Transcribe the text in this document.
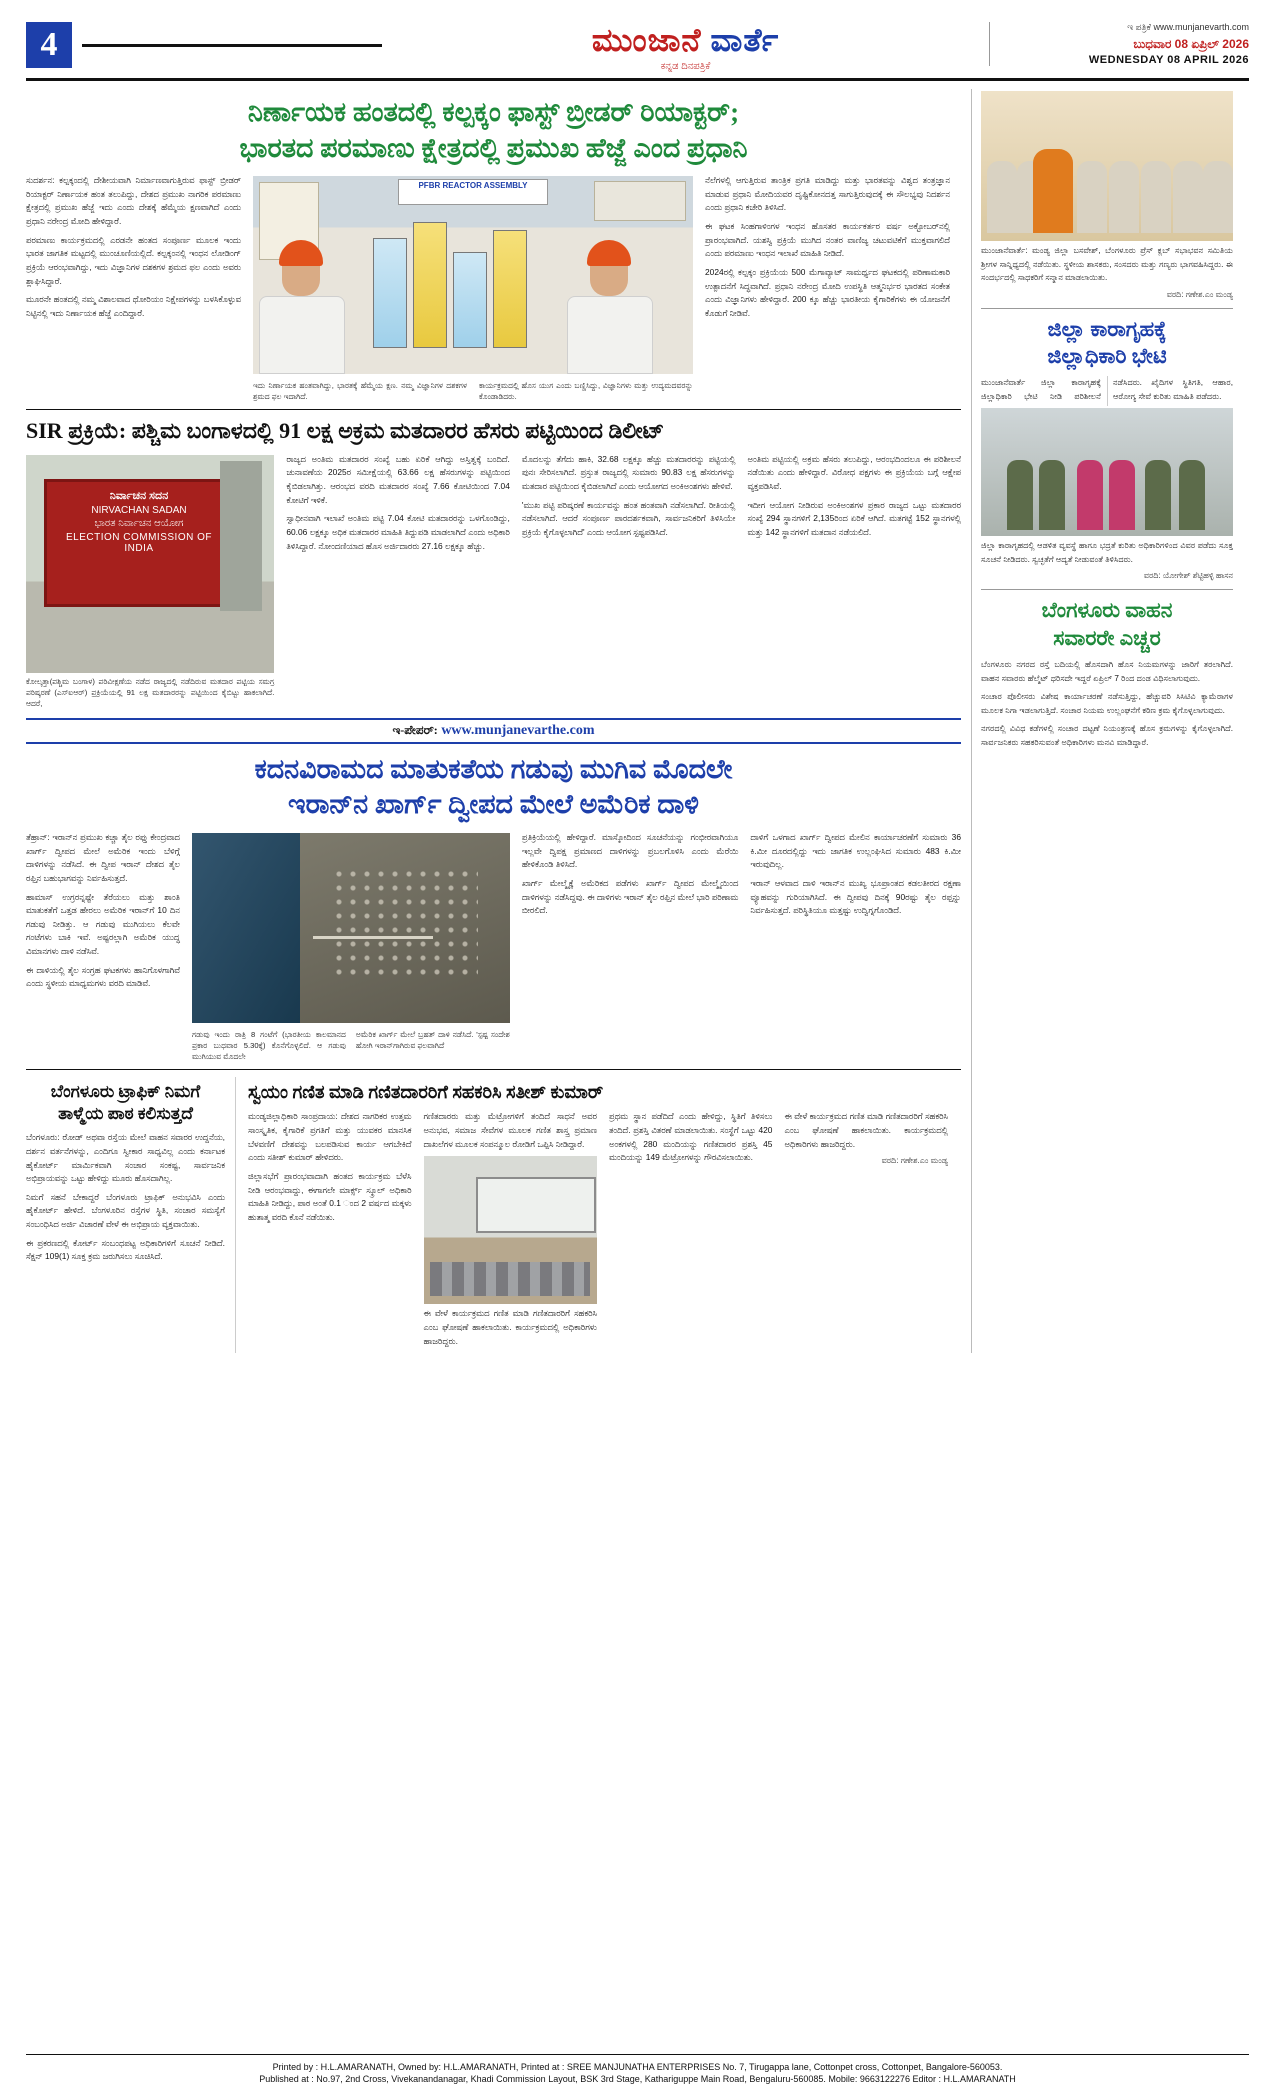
4	ಮುಂಜಾನೆ ವಾರ್ತೆ
ಕನ್ನಡ ದಿನಪತ್ರಿಕೆ
ಇ ಪತ್ರಿಕೆ www.munjanevarth.com
ಬುಧವಾರ 08 ಏಪ್ರಿಲ್ 2026
WEDNESDAY 08 APRIL 2026
ನಿರ್ಣಾಯಕ ಹಂತದಲ್ಲಿ ಕಲ್ಪಕ್ಕಂ ಫಾಸ್ಟ್ ಬ್ರೀಡರ್ ರಿಯಾಕ್ಟರ್;
ಭಾರತದ ಪರಮಾಣು ಕ್ಷೇತ್ರದಲ್ಲಿ ಪ್ರಮುಖ ಹೆಜ್ಜೆ ಎಂದ ಪ್ರಧಾನಿ

ಸುದರ್ಶನ: ಕಲ್ಪಕ್ಕಂದಲ್ಲಿ ದೇಶೀಯವಾಗಿ ನಿರ್ಮಾಣವಾಗುತ್ತಿರುವ ಫಾಸ್ಟ್ ಬ್ರೀಡರ್ ರಿಯಾಕ್ಟರ್ ನಿರ್ಣಾಯಕ ಹಂತ ತಲುಪಿದ್ದು, ದೇಶದ ಪ್ರಮುಖ ನಾಗರಿಕ ಪರಮಾಣು ಕ್ಷೇತ್ರದಲ್ಲಿ ಪ್ರಮುಖ ಹೆಜ್ಜೆ ಇದು ಎಂದು ದೇಶಕ್ಕೆ ಹೆಮ್ಮೆಯ ಕ್ಷಣವಾಗಿದೆ ಎಂದು ಪ್ರಧಾನಿ ನರೇಂದ್ರ ಮೋದಿ ಹೇಳಿದ್ದಾರೆ.

ಪರಮಾಣು ಕಾರ್ಯಕ್ರಮದಲ್ಲಿ ಎರಡನೇ ಹಂತದ ಸಂಪೂರ್ಣ ಮೂಲಕ ಇಂದು ಭಾರತ ಜಾಗತಿಕ ಮಟ್ಟದಲ್ಲಿ ಮುಂಚೂಣಿಯಲ್ಲಿದೆ. ಕಲ್ಪಕ್ಕಂನಲ್ಲಿ ಇಂಧನ ಲೋಡಿಂಗ್ ಪ್ರಕ್ರಿಯೆ ಆರಂಭವಾಗಿದ್ದು, ಇದು ವಿಜ್ಞಾನಿಗಳ ದಶಕಗಳ ಶ್ರಮದ ಫಲ ಎಂದು ಅವರು ಶ್ಲಾಘಿಸಿದ್ದಾರೆ.

ಮೂರನೇ ಹಂತದಲ್ಲಿ ನಮ್ಮ ವಿಶಾಲವಾದ ಥೋರಿಯಂ ನಿಕ್ಷೇಪಗಳನ್ನು ಬಳಸಿಕೊಳ್ಳುವ ನಿಟ್ಟಿನಲ್ಲಿ ಇದು ನಿರ್ಣಾಯಕ ಹೆಜ್ಜೆ ಎಂದಿದ್ದಾರೆ.

PFBR REACTOR ASSEMBLY

ಇದು ನಿರ್ಣಾಯಕ ಹಂತವಾಗಿದ್ದು, ಭಾರತಕ್ಕೆ ಹೆಮ್ಮೆಯ ಕ್ಷಣ. ನಮ್ಮ ವಿಜ್ಞಾನಿಗಳ ದಶಕಗಳ ಶ್ರಮದ ಫಲ ಇದಾಗಿದೆ.

ಕಾರ್ಯಕ್ರಮದಲ್ಲಿ ಹೊಸ ಯುಗ ಎಂದು ಬಣ್ಣಿಸಿದ್ದು, ವಿಜ್ಞಾನಿಗಳು ಮತ್ತು ಉದ್ಯಮದವರನ್ನು ಕೊಂಡಾಡಿದರು.

ನೆಲೆಗಳಲ್ಲಿ ಆಗುತ್ತಿರುವ ತಾಂತ್ರಿಕ ಪ್ರಗತಿ ಮಾಡಿದ್ದು ಮತ್ತು ಭಾರತವನ್ನು ವಿಶ್ವದ ತಂತ್ರಜ್ಞಾನ ಮಾಡುವ ಪ್ರಧಾನಿ ಮೋದಿಯವರ ದೃಷ್ಟಿಕೋನದತ್ತ ಸಾಗುತ್ತಿರುವುದಕ್ಕೆ ಈ ಸೌಲಭ್ಯವು ನಿದರ್ಶನ ಎಂದು ಪ್ರಧಾನಿ ಕಚೇರಿ ತಿಳಿಸಿದೆ.

ಈ ಘಟಕ ಸಿಂಹಗಾಳಿಂಗಳ ಇಂಧನ ಹೊಸತರ ಕಾರ್ಯಕರ್ತರ ವರ್ಷ ಅಕ್ಟೋಬರ್‌ನಲ್ಲಿ ಪ್ರಾರಂಭವಾಗಿದೆ. ಯಶಸ್ವಿ ಪ್ರಕ್ರಿಯೆ ಮುಗಿದ ನಂತರ ವಾಣಿಜ್ಯ ಚಟುವಟಿಕೆಗೆ ಮುಕ್ತವಾಗಲಿದೆ ಎಂದು ಪರಮಾಣು ಇಂಧನ ಇಲಾಖೆ ಮಾಹಿತಿ ನೀಡಿದೆ.

2024ರಲ್ಲಿ ಕಲ್ಪಕ್ಕಂ ಪ್ರಕ್ರಿಯೆಯ 500 ಮೆಗಾವ್ಯಾಟ್ ಸಾಮರ್ಥ್ಯದ ಘಟಕದಲ್ಲಿ ಪರಿಣಾಮಕಾರಿ ಉತ್ಪಾದನೆಗೆ ಸಿದ್ಧವಾಗಿದೆ. ಪ್ರಧಾನಿ ನರೇಂದ್ರ ಮೋದಿ ಉಪಸ್ಥಿತಿ ಆತ್ಮನಿರ್ಭರ ಭಾರತದ ಸಂಕೇತ ಎಂದು ವಿಜ್ಞಾನಿಗಳು ಹೇಳಿದ್ದಾರೆ. 200 ಕ್ಕೂ ಹೆಚ್ಚು ಭಾರತೀಯ ಕೈಗಾರಿಕೆಗಳು ಈ ಯೋಜನೆಗೆ ಕೊಡುಗೆ ನೀಡಿವೆ.

SIR ಪ್ರಕ್ರಿಯೆ: ಪಶ್ಚಿಮ ಬಂಗಾಳದಲ್ಲಿ 91 ಲಕ್ಷ ಅಕ್ರಮ ಮತದಾರರ ಹೆಸರು ಪಟ್ಟಿಯಿಂದ ಡಿಲೀಟ್
ನಿರ್ವಾಚನ ಸದನ
NIRVACHAN SADAN
ಭಾರತ ನಿರ್ವಾಚನ ಆಯೋಗ
ELECTION COMMISSION OF INDIA

ಕೋಲ್ಕತ್ತಾ(ಪಶ್ಚಿಮ ಬಂಗಾಳ) ಪರಿವೀಕ್ಷಣೆಯ ನಡೆದ ರಾಜ್ಯದಲ್ಲಿ ನಡೆದಿರುವ ಮತದಾರ ಪಟ್ಟಿಯ ಸಮಗ್ರ ಪರಿಷ್ಕರಣೆ (ಎಸ್‌ಐಆರ್) ಪ್ರಕ್ರಿಯೆಯಲ್ಲಿ 91 ಲಕ್ಷ ಮತದಾರರನ್ನು ಪಟ್ಟಿಯಿಂದ ಕೈಬಿಟ್ಟು ಹಾಕಲಾಗಿದೆ. ಆದರೆ,

ರಾಜ್ಯದ ಅಂತಿಮ ಮತದಾರರ ಸಂಖ್ಯೆ ಬಹು ಏರಿಕೆ ಆಗಿದ್ದು ಅಸ್ತಿತ್ವಕ್ಕೆ ಬಂದಿದೆ. ಚುನಾವಣೆಯ 2025ರ ಸಮೀಕ್ಷೆಯಲ್ಲಿ 63.66 ಲಕ್ಷ ಹೆಸರುಗಳನ್ನು ಪಟ್ಟಿಯಿಂದ ಕೈಬಿಡಲಾಗಿತ್ತು. ಆರಂಭದ ವರದಿ ಮತದಾರರ ಸಂಖ್ಯೆ 7.66 ಕೋಟಿಯಿಂದ 7.04 ಕೋಟಿಗೆ ಇಳಿಕೆ.

ಸ್ವಾಧೀನವಾಗಿ ಇಲಾಖೆ ಅಂತಿಮ ಪಟ್ಟಿ 7.04 ಕೋಟಿ ಮತದಾರರನ್ನು ಒಳಗೊಂಡಿದ್ದು, 60.06 ಲಕ್ಷಕ್ಕೂ ಅಧಿಕ ಮತದಾರರ ಮಾಹಿತಿ ತಿದ್ದುಪಡಿ ಮಾಡಲಾಗಿದೆ ಎಂದು ಅಧಿಕಾರಿ ತಿಳಿಸಿದ್ದಾರೆ. ನೋಂದಣಿಯಾದ ಹೊಸ ಅರ್ಜಿದಾರರು 27.16 ಲಕ್ಷಕ್ಕೂ ಹೆಚ್ಚು.

ಮೊದಲನ್ನು ತೆಗೆದು ಹಾಕಿ, 32.68 ಲಕ್ಷಕ್ಕೂ ಹೆಚ್ಚು ಮತದಾರರನ್ನು ಪಟ್ಟಿಯಲ್ಲಿ ಪುನಃ ಸೇರಿಸಲಾಗಿದೆ. ಪ್ರಸ್ತುತ ರಾಜ್ಯದಲ್ಲಿ ಸುಮಾರು 90.83 ಲಕ್ಷ ಹೆಸರುಗಳನ್ನು ಮತದಾರ ಪಟ್ಟಿಯಿಂದ ಕೈಬಿಡಲಾಗಿದೆ ಎಂದು ಆಯೋಗದ ಅಂಕಿಅಂಶಗಳು ಹೇಳಿವೆ.

'ಮುಖ ಪಟ್ಟಿ ಪರಿಷ್ಕರಣೆ ಕಾರ್ಯವನ್ನು ಹಂತ ಹಂತವಾಗಿ ನಡೆಸಲಾಗಿದೆ. ರೀತಿಯಲ್ಲಿ ನಡೆಸಲಾಗಿದೆ. ಆದರೆ ಸಂಪೂರ್ಣ ಪಾರದರ್ಶಕವಾಗಿ, ಸಾರ್ವಜನಿಕರಿಗೆ ತಿಳಿಸಿಯೇ ಪ್ರಕ್ರಿಯೆ ಕೈಗೊಳ್ಳಲಾಗಿದೆ' ಎಂದು ಆಯೋಗ ಸ್ಪಷ್ಟಪಡಿಸಿದೆ.

ಅಂತಿಮ ಪಟ್ಟಿಯಲ್ಲಿ ಅಕ್ರಮ ಹೆಸರು ತಲುಪಿದ್ದು, ಆರಂಭದಿಂದಲೂ ಈ ಪರಿಶೀಲನೆ ನಡೆಯಿತು ಎಂದು ಹೇಳಿದ್ದಾರೆ. ವಿರೋಧ ಪಕ್ಷಗಳು ಈ ಪ್ರಕ್ರಿಯೆಯ ಬಗ್ಗೆ ಆಕ್ಷೇಪ ವ್ಯಕ್ತಪಡಿಸಿವೆ.

ಇದೀಗ ಆಯೋಗ ನೀಡಿರುವ ಅಂಕಿಅಂಶಗಳ ಪ್ರಕಾರ ರಾಜ್ಯದ ಒಟ್ಟು ಮತದಾರರ ಸಂಖ್ಯೆ 294 ಸ್ಥಾನಗಳಿಗೆ 2,135ರಿಂದ ಏರಿಕೆ ಆಗಿದೆ. ಮತಗಟ್ಟೆ 152 ಸ್ಥಾನಗಳಲ್ಲಿ ಮತ್ತು 142 ಸ್ಥಾನಗಳಿಗೆ ಮತದಾನ ನಡೆಯಲಿದೆ.

ಇ-ಪೇಪರ್: www.munjanevarthe.com
ಕದನವಿರಾಮದ ಮಾತುಕತೆಯ ಗಡುವು ಮುಗಿವ ಮೊದಲೇ
ಇರಾನ್‌ನ ಖಾರ್ಗ್ ದ್ವೀಪದ ಮೇಲೆ ಅಮೆರಿಕ ದಾಳಿ

ತೆಹ್ರಾನ್: ಇರಾನ್‌ನ ಪ್ರಮುಖ ಕಚ್ಚಾ ತೈಲ ರಫ್ತು ಕೇಂದ್ರವಾದ ಖಾರ್ಗ್ ದ್ವೀಪದ ಮೇಲೆ ಅಮೆರಿಕ ಇಂದು ಬೆಳಿಗ್ಗೆ ದಾಳಿಗಳನ್ನು ನಡೆಸಿದೆ. ಈ ದ್ವೀಪ ಇರಾನ್‌ ದೇಶದ ತೈಲ ರಫ್ತಿನ ಬಹುಭಾಗವನ್ನು ನಿರ್ವಹಿಸುತ್ತದೆ.

ಹಾಮಾಸ್ ಉಗ್ರರನ್ನಷ್ಟೇ ತೆರೆಯಲು ಮತ್ತು ಶಾಂತಿ ಮಾತುಕತೆಗೆ ಒತ್ತಡ ಹೇರಲು ಅಮೆರಿಕ ಇರಾನ್‌ಗೆ 10 ದಿನ ಗಡುವು ನೀಡಿತ್ತು. ಆ ಗಡುವು ಮುಗಿಯಲು ಕೆಲವೇ ಗಂಟೆಗಳು ಬಾಕಿ ಇವೆ. ಅಷ್ಟರಲ್ಲಾಗಿ ಅಮೆರಿಕ ಯುದ್ಧ ವಿಮಾನಗಳು ದಾಳಿ ನಡೆಸಿವೆ.

ಈ ದಾಳಿಯಲ್ಲಿ ತೈಲ ಸಂಗ್ರಹ ಘಟಕಗಳು ಹಾನಿಗೊಳಗಾಗಿವೆ ಎಂದು ಸ್ಥಳೀಯ ಮಾಧ್ಯಮಗಳು ವರದಿ ಮಾಡಿವೆ.

ಗಡುವು ಇಂದು ರಾತ್ರಿ 8 ಗಂಟೆಗೆ (ಭಾರತೀಯ ಕಾಲಮಾನದ ಪ್ರಕಾರ ಬುಧವಾರ 5.30ಕ್ಕೆ) ಕೊನೆಗೊಳ್ಳಲಿದೆ. ಆ ಗಡುವು ಮುಗಿಯುವ ಮೊದಲೇ

ಅಮೆರಿಕ ಖಾರ್ಗ್ ಮೇಲೆ ಬ್ರಹತ್ ದಾಳಿ ನಡೆಸಿದೆ. 'ಸ್ಪಷ್ಟ ಸಂದೇಶ ಹೋಗಿ ಇರಾನ್‌ಗಾಗಿರುವ ಫಲವಾಗಿದೆ

ಪ್ರತಿಕ್ರಿಯೆಯಲ್ಲಿ ಹೇಳಿದ್ದಾರೆ. ಮಾಸ್ಕೋದಿಂದ ಸೂಚನೆಯನ್ನು ಗಂಭೀರವಾಗಿಯೂ ಇಲ್ಲವೇ ದ್ವಿಪಕ್ಷ ಪ್ರಮಾಣದ ದಾಳಿಗಳನ್ನು ಪ್ರಬಲಗೊಳಿಸಿ ಎಂದು ಮೆರೆಯಿ ಹೇಳಿಕೊಂಡಿ ತಿಳಿಸಿದೆ.

ಖಾರ್ಗ್ ಮೇಲ್ಮೈಕ್ಕೆ ಅಮೆರಿಕದ ಪಡೆಗಳು ಖಾರ್ಗ್ ದ್ವೀಪದ ಮೇಲ್ಮೈಯಿಂದ ದಾಳಿಗಳನ್ನು ನಡೆಸಿದ್ದವು. ಈ ದಾಳಿಗಳು ಇರಾನ್‌ ತೈಲ ರಫ್ತಿನ ಮೇಲೆ ಭಾರಿ ಪರಿಣಾಮ ಬೀರಲಿದೆ.

ದಾಳಿಗೆ ಒಳಗಾದ ಖಾರ್ಗ್ ದ್ವೀಪದ ಮೇಲಿನ ಕಾರ್ಯಾಚರಣೆಗೆ ಸುಮಾರು 36 ಕಿ.ಮೀ ದೂರದಲ್ಲಿದ್ದು ಇದು ಜಾಗತಿಕ ಉಲ್ಲಂಘಿಸಿದ ಸುಮಾರು 483 ಕಿ.ಮೀ ಇರುವುದಿಲ್ಲ.

ಇರಾನ್ ಆಳವಾದ ದಾಳಿ ಇರಾನ್‌ನ ಮುಖ್ಯ ಭೂಪ್ರಾಂತದ ಕಡಲತೀರದ ರಕ್ಷಣಾ ವ್ಯೂಹವನ್ನು ಗುರಿಯಾಗಿಸಿದೆ. ಈ ದ್ವೀಪವು ದಿನಕ್ಕೆ 90ರಷ್ಟು ತೈಲ ರಫ್ತನ್ನು ನಿರ್ವಹಿಸುತ್ತದೆ. ಪರಿಸ್ಥಿತಿಯೂ ಮತ್ತಷ್ಟು ಉದ್ವಿಗ್ನಗೊಂಡಿದೆ.

ಬೆಂಗಳೂರು ಟ್ರಾಫಿಕ್ ನಿಮಗೆ
ತಾಳ್ಮೆಯ ಪಾಠ ಕಲಿಸುತ್ತದೆ

ಬೆಂಗಳೂರು: ರೋಡ್ ಅಥವಾ ರಸ್ತೆಯ ಮೇಲೆ ವಾಹನ ಸವಾರರ ಉದ್ದನೆಯ, ದರ್ಶನ ವರ್ತನೆಗಳನ್ನು, ಎಂದಿಗೂ ಸ್ವೀಕಾರ ಸಾಧ್ಯವಿಲ್ಲ ಎಂದು ಕರ್ನಾಟಕ ಹೈಕೋರ್ಟ್ ಮಾರ್ಮಿಕವಾಗಿ ಸಂಚಾರ ಸಂಕಷ್ಟ, ಸಾರ್ವಜನಿಕ ಅಭಿಪ್ರಾಯವನ್ನು ಒಟ್ಟು ಹೇಳಿದ್ದು ಮೂರು ಹೊಸದಾಗಿಲ್ಲ.

ನಿಮಗೆ ಸಹನೆ ಬೇಕಾದ್ದರೆ ಬೆಂಗಳೂರು ಟ್ರಾಫಿಕ್ ಅನುಭವಿಸಿ ಎಂದು ಹೈಕೋರ್ಟ್ ಹೇಳಿದೆ. ಬೆಂಗಳೂರಿನ ರಸ್ತೆಗಳ ಸ್ಥಿತಿ, ಸಂಚಾರ ಸಮಸ್ಯೆಗೆ ಸಂಬಂಧಿಸಿದ ಅರ್ಜಿ ವಿಚಾರಣೆ ವೇಳೆ ಈ ಅಭಿಪ್ರಾಯ ವ್ಯಕ್ತವಾಯಿತು.

ಈ ಪ್ರಕರಣದಲ್ಲಿ ಕೋರ್ಟ್ ಸಂಬಂಧಪಟ್ಟ ಅಧಿಕಾರಿಗಳಿಗೆ ಸೂಚನೆ ನೀಡಿದೆ. ಸೆಕ್ಷನ್ 109(1) ಸೂಕ್ತ ಕ್ರಮ ಜರುಗಿಸಲು ಸೂಚಿಸಿದೆ.

ಸ್ವಯಂ ಗಣಿತ ಮಾಡಿ ಗಣಿತದಾರರಿಗೆ ಸಹಕರಿಸಿ ಸತೀಶ್ ಕುಮಾರ್

ಮಂಡ್ಯಜಿಲ್ಲಾಧಿಕಾರಿ ಸಾಂಪ್ರದಾಯ: ದೇಶದ ನಾಗರಿಕರ ಉತ್ತಮ ಸಾಂಸ್ಕೃತಿಕ, ಕೈಗಾರಿಕೆ ಪ್ರಗತಿಗೆ ಮತ್ತು ಯುವಕರ ಮಾನಸಿಕ ಬೆಳವಣಿಗೆ ದೇಶವನ್ನು ಬಲಪಡಿಸುವ ಕಾರ್ಯ ಆಗಬೇಕಿದೆ ಎಂದು ಸತೀಶ್ ಕುಮಾರ್ ಹೇಳಿದರು.

ಜಿಲ್ಲಾಸಭೆಗೆ ಪ್ರಾರಂಭವಾದಾಗಿ ಹಂತದ ಕಾರ್ಯಕ್ರಮ ಬೆಳೆಸಿ ನೀಡಿ ಆರಂಭವಾದ್ದು, ಈಗಾಗಲೇ ಮಾರ್ಕ್ಸ್ ಸ್ಕ್ರೂಲ್ ಅಧಿಕಾರಿ ಮಾಹಿತಿ ನೀಡಿದ್ದು, ಪಾಠ ಅಂತೆ 0.1 ಂದ 2 ವರ್ಷದ ಮಕ್ಕಳು ಹುತಾತ್ಮ ವರದಿ ಕೊನೆ ನಡೆಯಿತು.

ಗಣಿತದಾರರು ಮತ್ತು ಮೆಟ್ರೋಗಳಿಗೆ ತಂದಿದೆ ಸಾಧನೆ ಅವರ ಅನುಭವ, ಸಮಾಜ ಸೇವೆಗಳ ಮೂಲಕ ಗಣಿತ ಶಾಸ್ತ್ರ ಪ್ರಮಾಣ ದಾಖಲೆಗಳ ಮೂಲಕ ಸಂಪನ್ಮೂಲ ರೋಡಿಗೆ ಒಪ್ಪಿಸಿ ನೀಡಿದ್ದಾರೆ.

ಈ ವೇಳೆ ಕಾರ್ಯಕ್ರಮದ ಗಣಿತ ಮಾಡಿ ಗಣಿತದಾರರಿಗೆ ಸಹಕರಿಸಿ ಎಂಬ ಘೋಷಣೆ ಹಾಕಲಾಯಿತು. ಕಾರ್ಯಕ್ರಮದಲ್ಲಿ ಅಧಿಕಾರಿಗಳು ಹಾಜರಿದ್ದರು.

ಪ್ರಥಮ ಸ್ಥಾನ ಪಡೆದಿದೆ ಎಂದು ಹೇಳಿದ್ದು, ಸ್ಥಿತಿಗೆ ತಿಳಿಸಲು ತಂದಿದೆ. ಪ್ರಶಸ್ತಿ ವಿತರಣೆ ಮಾಡಲಾಯಿತು. ಸಂಸ್ಥೆಗೆ ಒಟ್ಟು 420 ಅಂಕಗಳಲ್ಲಿ 280 ಮಂದಿಯನ್ನು ಗಣಿತದಾರರ ಪ್ರಶಸ್ತಿ 45 ಮಂದಿಯನ್ನು 149 ಮೆಟ್ರೋಗಳನ್ನು ಗೌರವಿಸಲಾಯಿತು.

ಈ ವೇಳೆ ಕಾರ್ಯಕ್ರಮದ ಗಣಿತ ಮಾಡಿ ಗಣಿತದಾರರಿಗೆ ಸಹಕರಿಸಿ ಎಂಬ ಘೋಷಣೆ ಹಾಕಲಾಯಿತು. ಕಾರ್ಯಕ್ರಮದಲ್ಲಿ ಅಧಿಕಾರಿಗಳು ಹಾಜರಿದ್ದರು.

ವರದಿ: ಗಣೇಶ.ಎಂ ಮಂಡ್ಯ

ಮುಂಜಾನೆವಾರ್ತೆ: ಮಂಡ್ಯ ಜಿಲ್ಲಾ ಬಸವೇಶ್, ಬೆಂಗಳೂರು ಪ್ರೆಸ್ ಕ್ಲಬ್ ಸಭಾಭವನ ಸಮಿತಿಯ ಶ್ರೀಗಳ ಸಾನ್ನಿಧ್ಯದಲ್ಲಿ ನಡೆಯಿತು. ಸ್ಥಳೀಯ ಶಾಸಕರು, ಸಂಸದರು ಮತ್ತು ಗಣ್ಯರು ಭಾಗವಹಿಸಿದ್ದರು. ಈ ಸಂದರ್ಭದಲ್ಲಿ ಸಾಧಕರಿಗೆ ಸನ್ಮಾನ ಮಾಡಲಾಯಿತು.

ವರದಿ: ಗಣೇಶ.ಎಂ ಮಂಡ್ಯ

ಜಿಲ್ಲಾ ಕಾರಾಗೃಹಕ್ಕೆ
ಜಿಲ್ಲಾಧಿಕಾರಿ ಭೇಟಿ

ಮುಂಜಾನೆವಾರ್ತೆ ಜಿಲ್ಲಾ ಕಾರಾಗೃಹಕ್ಕೆ ಜಿಲ್ಲಾಧಿಕಾರಿ ಭೇಟಿ ನೀಡಿ ಪರಿಶೀಲನೆ ನಡೆಸಿದರು. ಖೈದಿಗಳ ಸ್ಥಿತಿಗತಿ, ಆಹಾರ, ಆರೋಗ್ಯ ಸೇವೆ ಕುರಿತು ಮಾಹಿತಿ ಪಡೆದರು.

ಜಿಲ್ಲಾ ಕಾರಾಗೃಹದಲ್ಲಿ ಆಡಳಿತ ವ್ಯವಸ್ಥೆ ಹಾಗೂ ಭದ್ರತೆ ಕುರಿತು ಅಧಿಕಾರಿಗಳಿಂದ ವಿವರ ಪಡೆದು ಸೂಕ್ತ ಸೂಚನೆ ನೀಡಿದರು. ಸ್ವಚ್ಛತೆಗೆ ಆದ್ಯತೆ ನೀಡುವಂತೆ ತಿಳಿಸಿದರು.

ವರದಿ: ಯೋಗೇಶ್ ಶೆಟ್ಟಿಹಳ್ಳಿ ಹಾಸನ

ಬೆಂಗಳೂರು ವಾಹನ
ಸವಾರರೇ ಎಚ್ಚರ

ಬೆಂಗಳೂರು ನಗರದ ರಸ್ತೆ ಬದಿಯಲ್ಲಿ ಹೊಸದಾಗಿ ಹೊಸ ನಿಯಮಗಳನ್ನು ಜಾರಿಗೆ ತರಲಾಗಿದೆ. ವಾಹನ ಸವಾರರು ಹೆಲ್ಮೆಟ್ ಧರಿಸದೇ ಇದ್ದರೆ ಏಪ್ರಿಲ್ 7 ರಿಂದ ದಂಡ ವಿಧಿಸಲಾಗುವುದು.

ಸಂಚಾರ ಪೊಲೀಸರು ವಿಶೇಷ ಕಾರ್ಯಾಚರಣೆ ನಡೆಸುತ್ತಿದ್ದು, ಹೆಚ್ಚುವರಿ ಸಿಸಿಟಿವಿ ಕ್ಯಾಮೆರಾಗಳ ಮೂಲಕ ನಿಗಾ ಇಡಲಾಗುತ್ತಿದೆ. ಸಂಚಾರ ನಿಯಮ ಉಲ್ಲಂಘನೆಗೆ ಕಠಿಣ ಕ್ರಮ ಕೈಗೊಳ್ಳಲಾಗುವುದು.

ನಗರದಲ್ಲಿ ವಿವಿಧ ಕಡೆಗಳಲ್ಲಿ ಸಂಚಾರ ದಟ್ಟಣೆ ನಿಯಂತ್ರಣಕ್ಕೆ ಹೊಸ ಕ್ರಮಗಳನ್ನು ಕೈಗೊಳ್ಳಲಾಗಿದೆ. ಸಾರ್ವಜನಿಕರು ಸಹಕರಿಸುವಂತೆ ಅಧಿಕಾರಿಗಳು ಮನವಿ ಮಾಡಿದ್ದಾರೆ.

Printed by : H.L.AMARANATH, Owned by: H.L.AMARANATH, Printed at : SREE MANJUNATHA ENTERPRISES No. 7, Tirugappa lane, Cottonpet cross, Cottonpet, Bangalore-560053.

Published at : No.97, 2nd Cross, Vivekanandanagar, Khadi Commission Layout, BSK 3rd Stage, Kathariguppe Main Road, Bengaluru-560085. Mobile: 9663122276 Editor : H.L.AMARANATH
